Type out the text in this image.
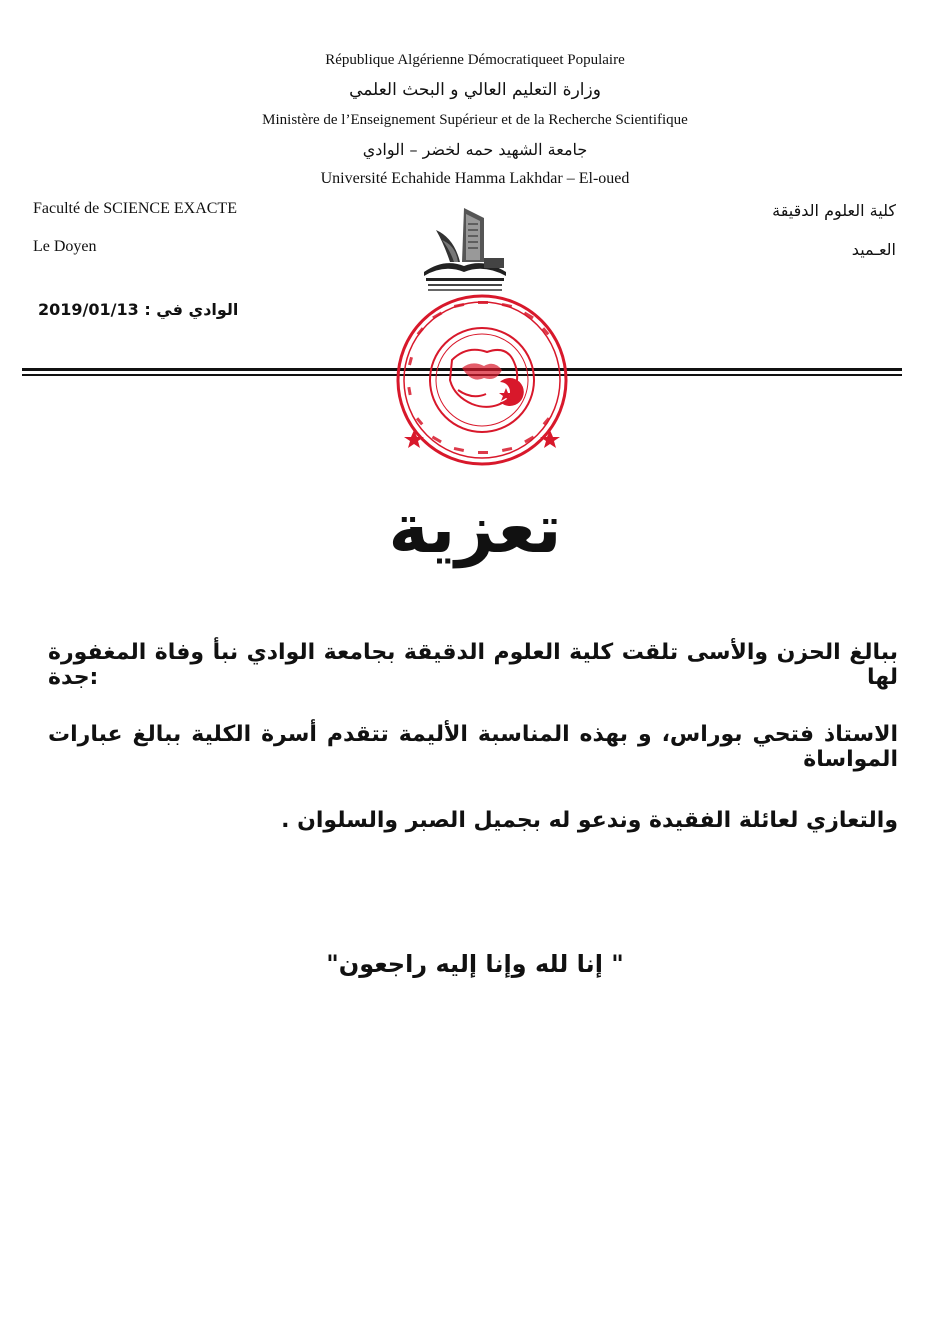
République Algérienne Démocratiqueet Populaire
وزارة التعليم العالي و البحث العلمي
Ministère de l’Enseignement Supérieur et de la Recherche Scientifique
جامعة الشهيد حمه لخضر – الوادي
Université Echahide Hamma Lakhdar – El-oued
Faculté de SCIENCE EXACTE
Le Doyen
كلية العلوم الدقيقة
العـميد
الوادي في : 2019/01/13
تعزية
ببالغ الحزن والأسى تلقت كلية العلوم الدقيقة بجامعة الوادي نبأ وفاة المغفورة لها :جدة
الاستاذ فتحي بوراس، و بهذه المناسبة الأليمة تتقدم أسرة الكلية ببالغ عبارات المواساة
والتعازي لعائلة الفقيدة وندعو له بجميل الصبر والسلوان .
" إنا لله وإنا إليه راجعون"
